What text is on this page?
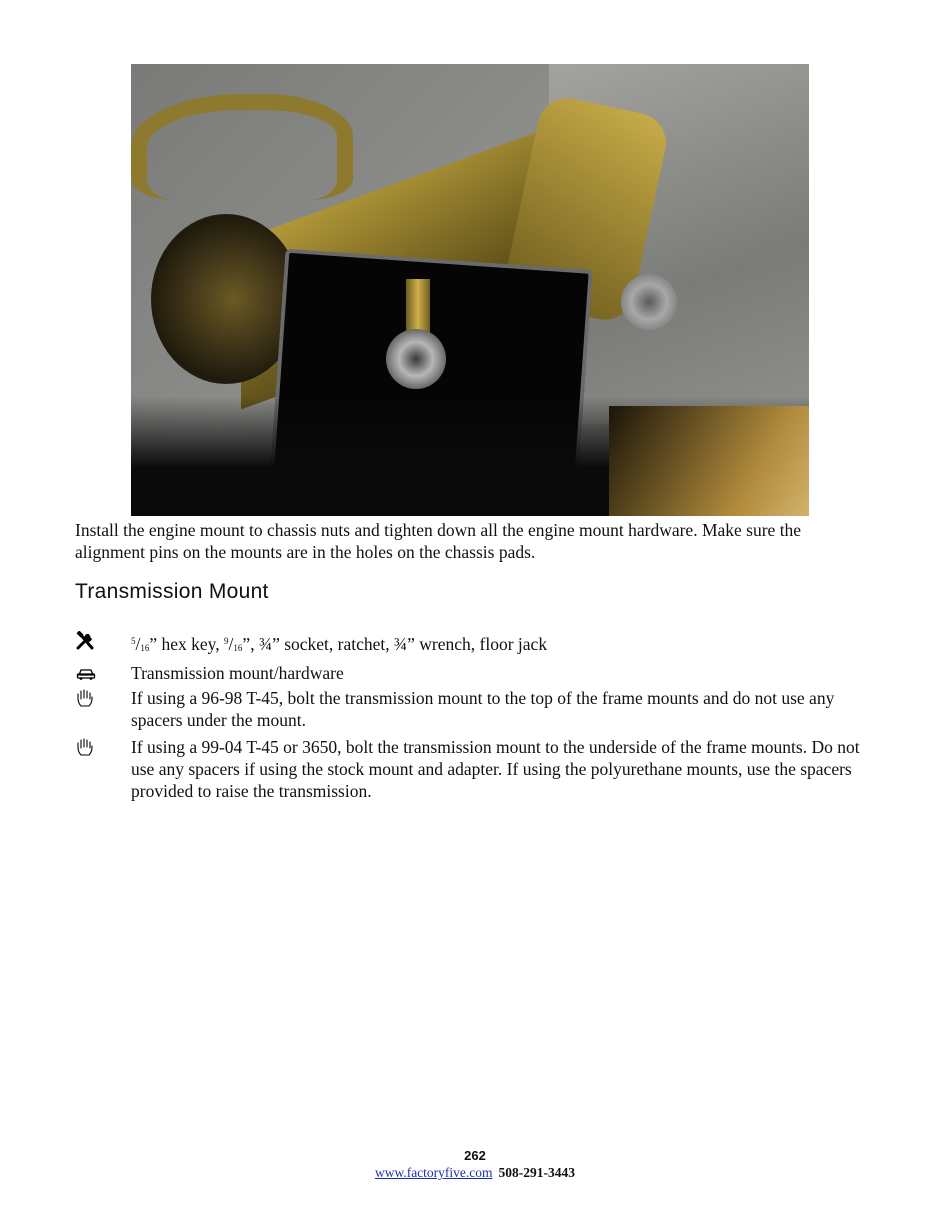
Install the engine mount to chassis nuts and tighten down all the engine mount hardware. Make sure the alignment pins on the mounts are in the holes on the chassis pads.

Transmission Mount
$^5$/16” hex key, $^9$/16”, ¾” socket, ratchet, ¾” wrench, floor jack
Transmission mount/hardware
If using a 96-98 T-45, bolt the transmission mount to the top of the frame mounts and do not use any spacers under the mount.
If using a 99-04 T-45 or 3650, bolt the transmission mount to the underside of the frame mounts. Do not use any spacers if using the stock mount and adapter. If using the polyurethane mounts, use the spacers provided to raise the transmission.
262
www.factoryfive.com 508-291-3443
